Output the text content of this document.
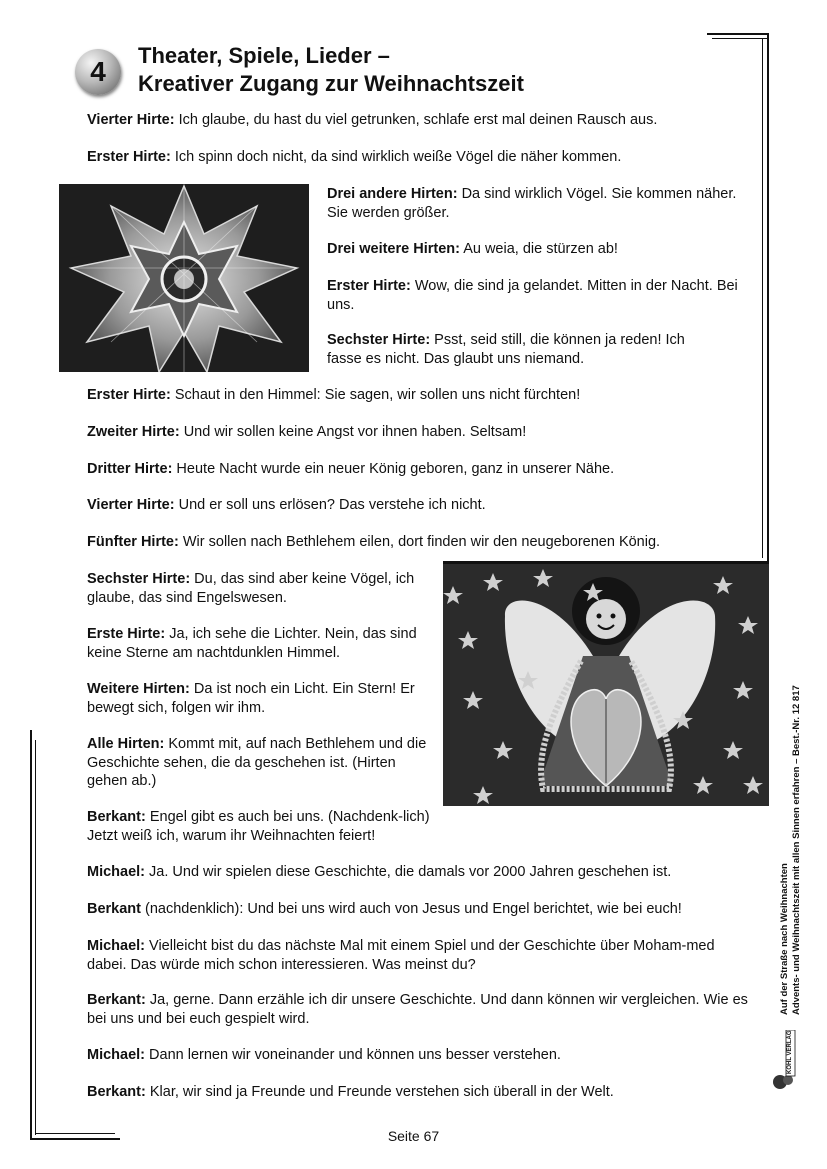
4
Theater, Spiele, Lieder –
Kreativer Zugang zur Weihnachtszeit

Vierter Hirte: Ich glaube, du hast du viel getrunken, schlafe erst mal deinen Rausch aus.

Erster Hirte: Ich spinn doch nicht, da sind wirklich weiße Vögel die näher kommen.

Drei andere Hirten: Da sind wirklich Vögel. Sie kommen näher. Sie werden größer.

Drei weitere Hirten: Au weia, die stürzen ab!

Erster Hirte: Wow, die sind ja gelandet. Mitten in der Nacht. Bei uns.

Sechster Hirte: Psst, seid still, die können ja reden! Ich fasse es nicht. Das glaubt uns niemand.

Erster Hirte: Schaut in den Himmel: Sie sagen, wir sollen uns nicht fürchten!

Zweiter Hirte: Und wir sollen keine Angst vor ihnen haben. Seltsam!

Dritter Hirte: Heute Nacht wurde ein neuer König geboren, ganz in unserer Nähe.

Vierter Hirte: Und er soll uns erlösen? Das verstehe ich nicht.

Fünfter Hirte: Wir sollen nach Bethlehem eilen, dort finden wir den neugeborenen König.

Sechster Hirte: Du, das sind aber keine Vögel, ich glaube, das sind Engelswesen.

Erste Hirte: Ja, ich sehe die Lichter. Nein, das sind keine Sterne am nachtdunklen Himmel.

Weitere Hirten: Da ist noch ein Licht. Ein Stern! Er bewegt sich, folgen wir ihm.

Alle Hirten: Kommt mit, auf nach Bethlehem und die Geschichte sehen, die da geschehen ist. (Hirten gehen ab.)

Berkant: Engel gibt es auch bei uns. (Nachdenk-lich) Jetzt weiß ich, warum ihr Weihnachten feiert!

Michael: Ja. Und wir spielen diese Geschichte, die damals vor 2000 Jahren geschehen ist.

Berkant (nachdenklich): Und bei uns wird auch von Jesus und Engel berichtet, wie bei euch!

Michael: Vielleicht bist du das nächste Mal mit einem Spiel und der Geschichte über Moham-med dabei. Das würde mich schon interessieren. Was meinst du?

Berkant: Ja, gerne. Dann erzähle ich dir unsere Geschichte. Und dann können wir vergleichen. Wie es bei uns und bei euch gespielt wird.

Michael: Dann lernen wir voneinander und können uns besser verstehen.

Berkant: Klar, wir sind ja Freunde und Freunde verstehen sich überall in der Welt.

Auf der Straße nach Weihnachten Advents- und Weihnachtszeit mit allen Sinnen erfahren – Best.-Nr. 12 817
KOHL VERLAG
Seite 67
